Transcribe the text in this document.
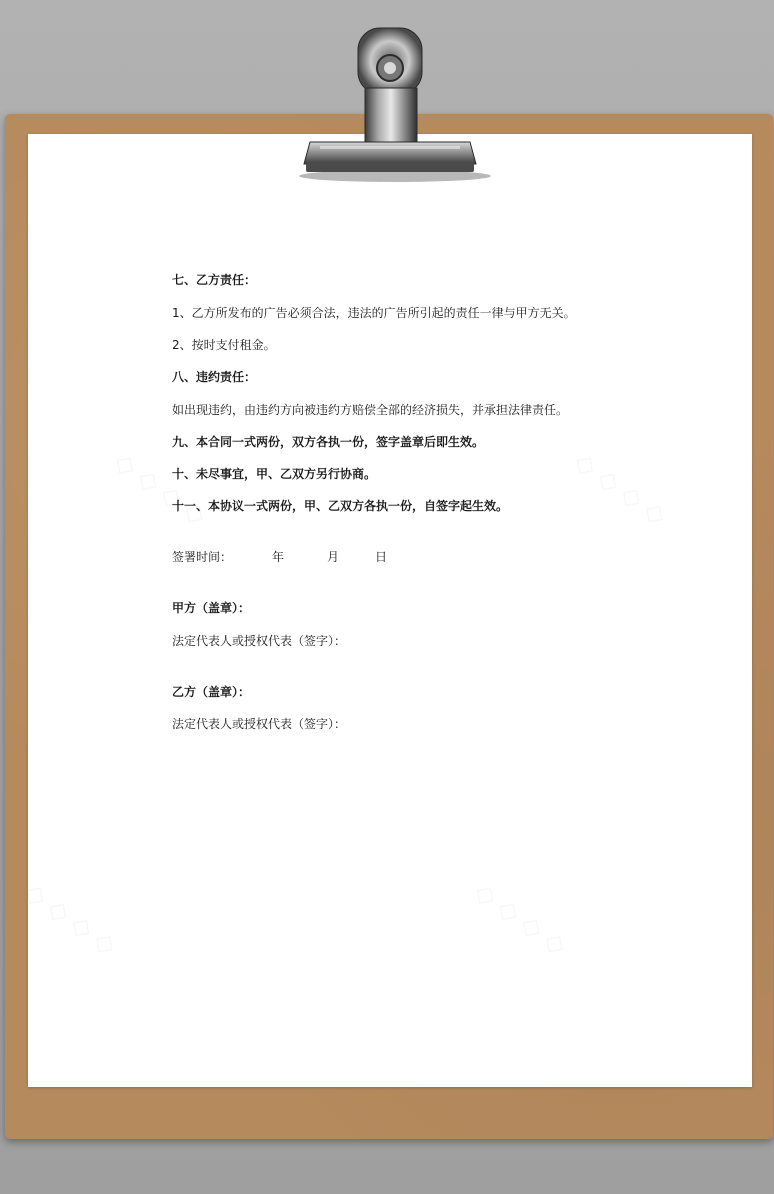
◇ ◇ ◇ ◇	◇ ◇ ◇ ◇
◇ ◇ ◇ ◇	◇ ◇ ◇ ◇
七、乙方责任：
1、乙方所发布的广告必须合法，违法的广告所引起的责任一律与甲方无关。
2、按时支付租金。
八、违约责任：
如出现违约，由违约方向被违约方赔偿全部的经济损失，并承担法律责任。
九、本合同一式两份，双方各执一份，签字盖章后即生效。
十、未尽事宜，甲、乙双方另行协商。
十一、本协议一式两份，甲、乙双方各执一份，自签字起生效。
签署时间：	年	月	日
甲方（盖章）：
法定代表人或授权代表（签字）：
乙方（盖章）：
法定代表人或授权代表（签字）：
